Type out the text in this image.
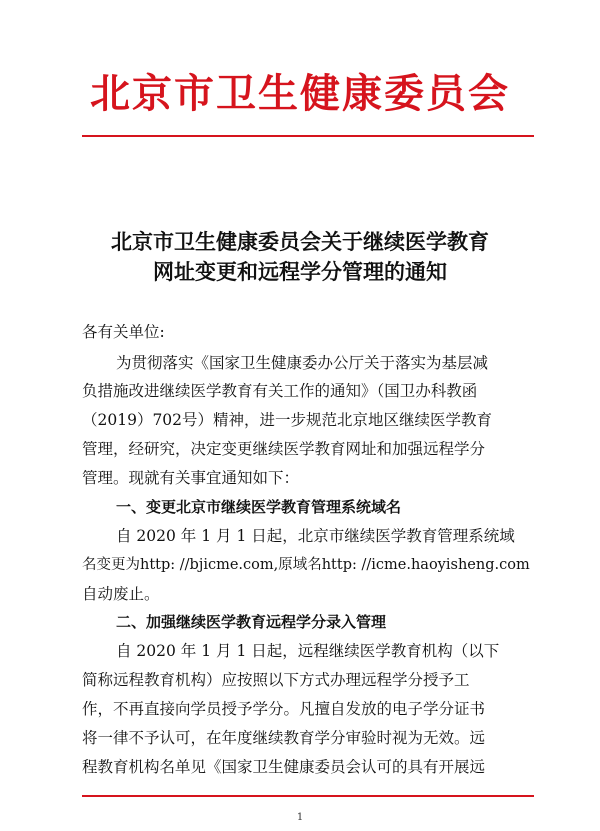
北京市卫生健康委员会
北京市卫生健康委员会关于继续医学教育
网址变更和远程学分管理的通知
各有关单位:
为贯彻落实《国家卫生健康委办公厅关于落实为基层减
负措施改进继续医学教育有关工作的通知》（国卫办科教函
（2019）702号）精神，进一步规范北京地区继续医学教育
管理，经研究，决定变更继续医学教育网址和加强远程学分
管理。现就有关事宜通知如下：
一、变更北京市继续医学教育管理系统域名
自 2020 年 1 月 1 日起，北京市继续医学教育管理系统域
名变更为http: //bjicme.com,原域名http: //icme.haoyisheng.com
自动废止。
二、加强继续医学教育远程学分录入管理
自 2020 年 1 月 1 日起，远程继续医学教育机构（以下
简称远程教育机构）应按照以下方式办理远程学分授予工
作，不再直接向学员授予学分。凡擅自发放的电子学分证书
将一律不予认可，在年度继续教育学分审验时视为无效。远
程教育机构名单见《国家卫生健康委员会认可的具有开展远
1
